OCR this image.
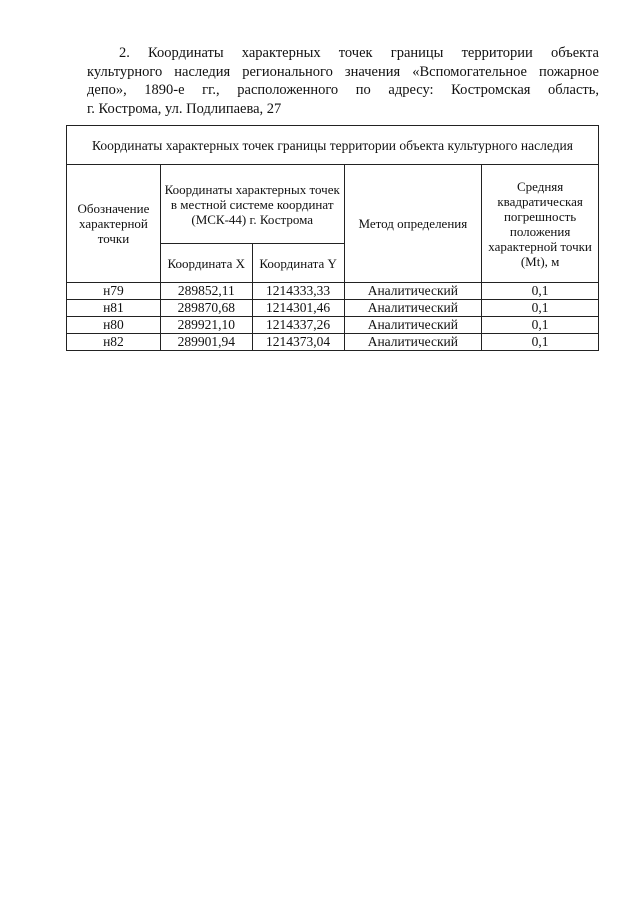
2. Координаты характерных точек границы территории объекта
культурного наследия регионального значения «Вспомогательное пожарное
депо», 1890-е гг., расположенного по адресу: Костромская область,
г. Кострома, ул. Подлипаева, 27
Координаты характерных точек границы территории объекта культурного наследия				
Обозначение характерной точки	Координаты характерных точек в местной системе координат (МСК-44) г. Кострома		Метод определения	Средняя квадратическая погрешность положения характерной точки (Mt), м
	Координата X	Координата Y		
н79	289852,11	1214333,33	Аналитический	0,1
н81	289870,68	1214301,46	Аналитический	0,1
н80	289921,10	1214337,26	Аналитический	0,1
н82	289901,94	1214373,04	Аналитический	0,1
